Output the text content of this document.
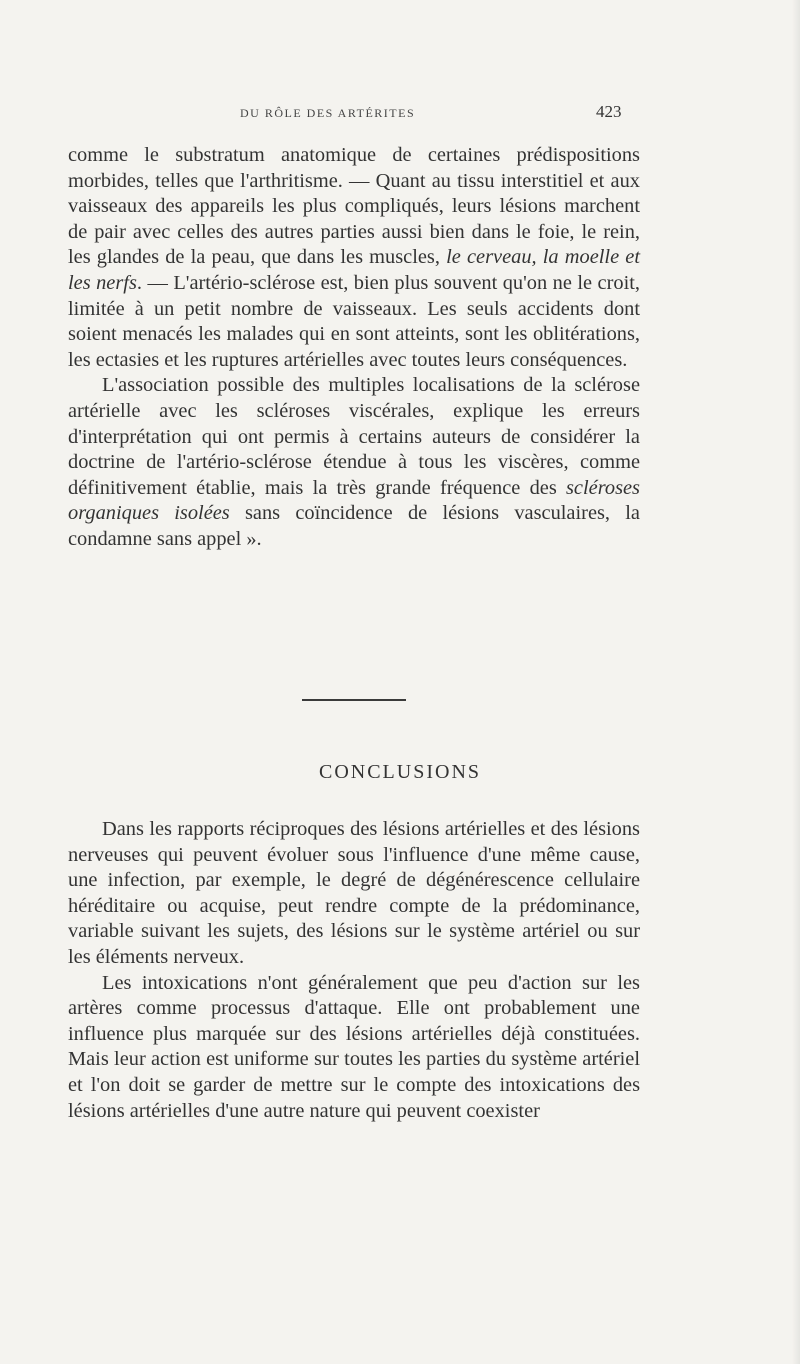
DU RÔLE DES ARTÉRITES	423

comme le substratum anatomique de certaines prédispositions morbides, telles que l'arthritisme. — Quant au tissu interstitiel et aux vaisseaux des appareils les plus compliqués, leurs lésions marchent de pair avec celles des autres parties aussi bien dans le foie, le rein, les glandes de la peau, que dans les muscles, le cerveau, la moelle et les nerfs. — L'artério-sclérose est, bien plus souvent qu'on ne le croit, limitée à un petit nombre de vaisseaux. Les seuls accidents dont soient menacés les malades qui en sont atteints, sont les oblitérations, les ectasies et les ruptures artérielles avec toutes leurs conséquences.

L'association possible des multiples localisations de la sclérose artérielle avec les scléroses viscérales, explique les erreurs d'interprétation qui ont permis à certains auteurs de considérer la doctrine de l'artério-sclérose étendue à tous les viscères, comme définitivement établie, mais la très grande fréquence des scléroses organiques isolées sans coïncidence de lésions vasculaires, la condamne sans appel ».

CONCLUSIONS

Dans les rapports réciproques des lésions artérielles et des lésions nerveuses qui peuvent évoluer sous l'influence d'une même cause, une infection, par exemple, le degré de dégénérescence cellulaire héréditaire ou acquise, peut rendre compte de la prédominance, variable suivant les sujets, des lésions sur le système artériel ou sur les éléments nerveux.

Les intoxications n'ont généralement que peu d'action sur les artères comme processus d'attaque. Elle ont probablement une influence plus marquée sur des lésions artérielles déjà constituées. Mais leur action est uniforme sur toutes les parties du système artériel et l'on doit se garder de mettre sur le compte des intoxications des lésions artérielles d'une autre nature qui peuvent coexister
